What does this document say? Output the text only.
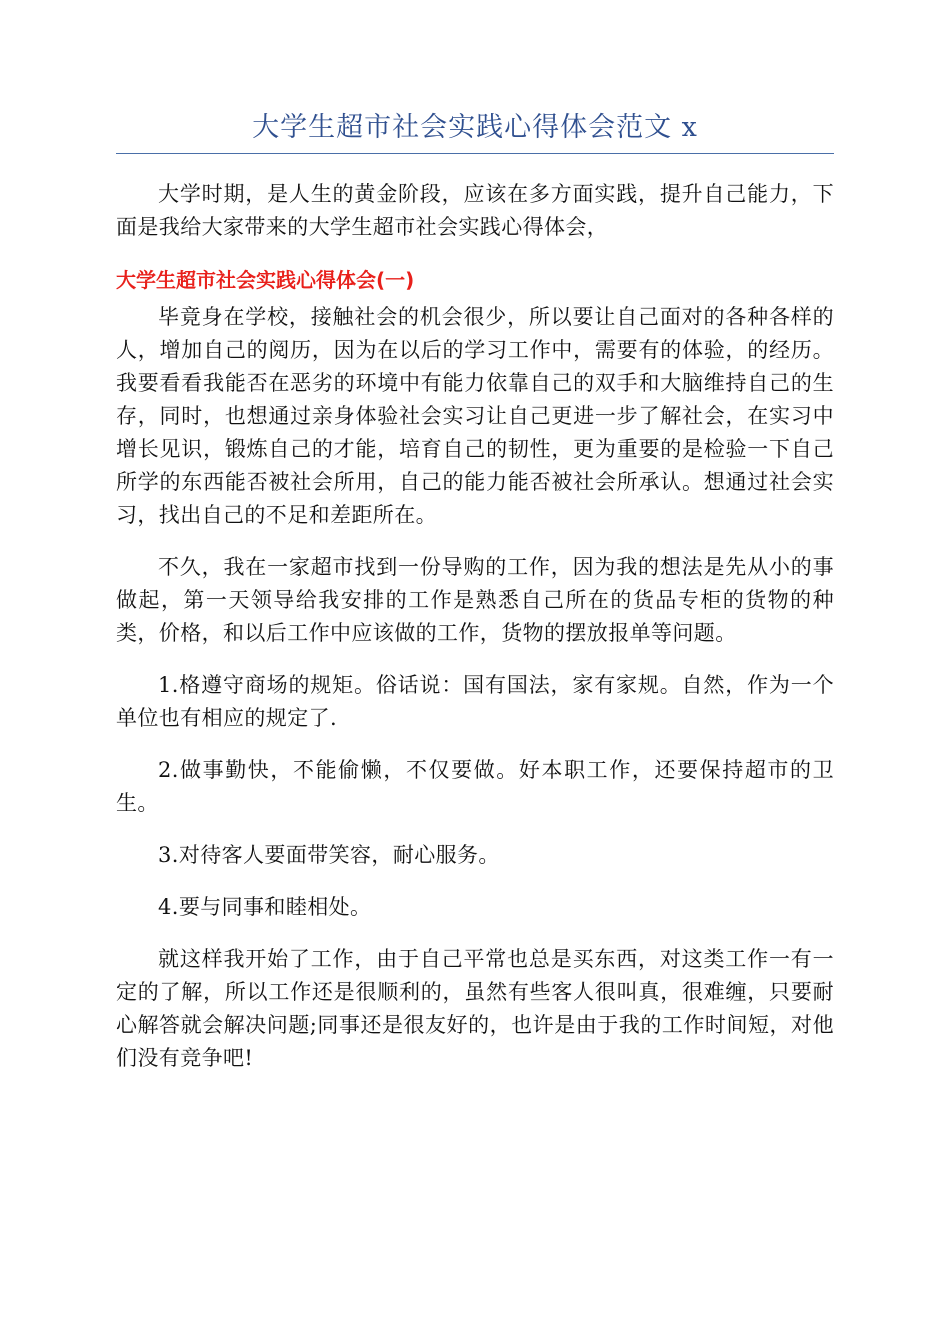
大学生超市社会实践心得体会范文 x

大学时期，是人生的黄金阶段，应该在多方面实践，提升自己能力，下面是我给大家带来的大学生超市社会实践心得体会，

大学生超市社会实践心得体会(一)

毕竟身在学校，接触社会的机会很少，所以要让自己面对的各种各样的人，增加自己的阅历，因为在以后的学习工作中，需要有的体验，的经历。我要看看我能否在恶劣的环境中有能力依靠自己的双手和大脑维持自己的生存，同时，也想通过亲身体验社会实习让自己更进一步了解社会，在实习中增长见识，锻炼自己的才能，培育自己的韧性，更为重要的是检验一下自己所学的东西能否被社会所用，自己的能力能否被社会所承认。想通过社会实习，找出自己的不足和差距所在。

不久，我在一家超市找到一份导购的工作，因为我的想法是先从小的事做起，第一天领导给我安排的工作是熟悉自己所在的货品专柜的货物的种类，价格，和以后工作中应该做的工作，货物的摆放报单等问题。

1.格遵守商场的规矩。俗话说：国有国法，家有家规。自然，作为一个单位也有相应的规定了.

2.做事勤快，不能偷懒，不仅要做。好本职工作，还要保持超市的卫生。

3.对待客人要面带笑容，耐心服务。

4.要与同事和睦相处。

就这样我开始了工作，由于自己平常也总是买东西，对这类工作一有一定的了解，所以工作还是很顺利的，虽然有些客人很叫真，很难缠，只要耐心解答就会解决问题;同事还是很友好的，也许是由于我的工作时间短，对他们没有竞争吧!
